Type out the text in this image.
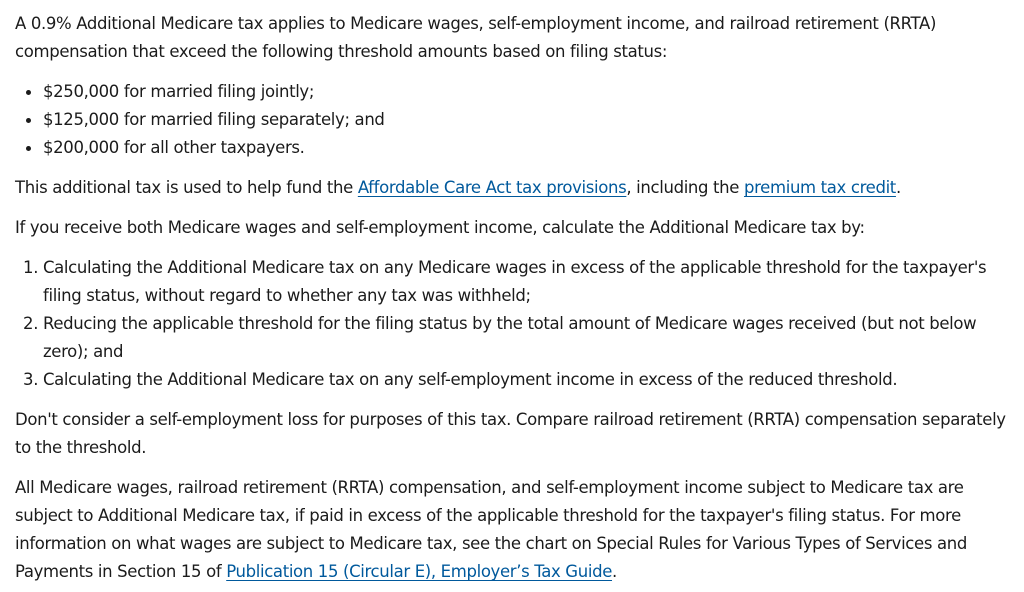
A 0.9% Additional Medicare tax applies to Medicare wages, self-employment income, and railroad retirement (RRTA) compensation that exceed the following threshold amounts based on filing status:

• $250,000 for married filing jointly;
• $125,000 for married filing separately; and
• $200,000 for all other taxpayers.

This additional tax is used to help fund the Affordable Care Act tax provisions, including the premium tax credit.

If you receive both Medicare wages and self-employment income, calculate the Additional Medicare tax by:

1. Calculating the Additional Medicare tax on any Medicare wages in excess of the applicable threshold for the taxpayer's filing status, without regard to whether any tax was withheld;
2. Reducing the applicable threshold for the filing status by the total amount of Medicare wages received (but not below zero); and
3. Calculating the Additional Medicare tax on any self-employment income in excess of the reduced threshold.

Don't consider a self-employment loss for purposes of this tax. Compare railroad retirement (RRTA) compensation separately to the threshold.

All Medicare wages, railroad retirement (RRTA) compensation, and self-employment income subject to Medicare tax are subject to Additional Medicare tax, if paid in excess of the applicable threshold for the taxpayer's filing status. For more information on what wages are subject to Medicare tax, see the chart on Special Rules for Various Types of Services and Payments in Section 15 of Publication 15 (Circular E), Employer’s Tax Guide.
